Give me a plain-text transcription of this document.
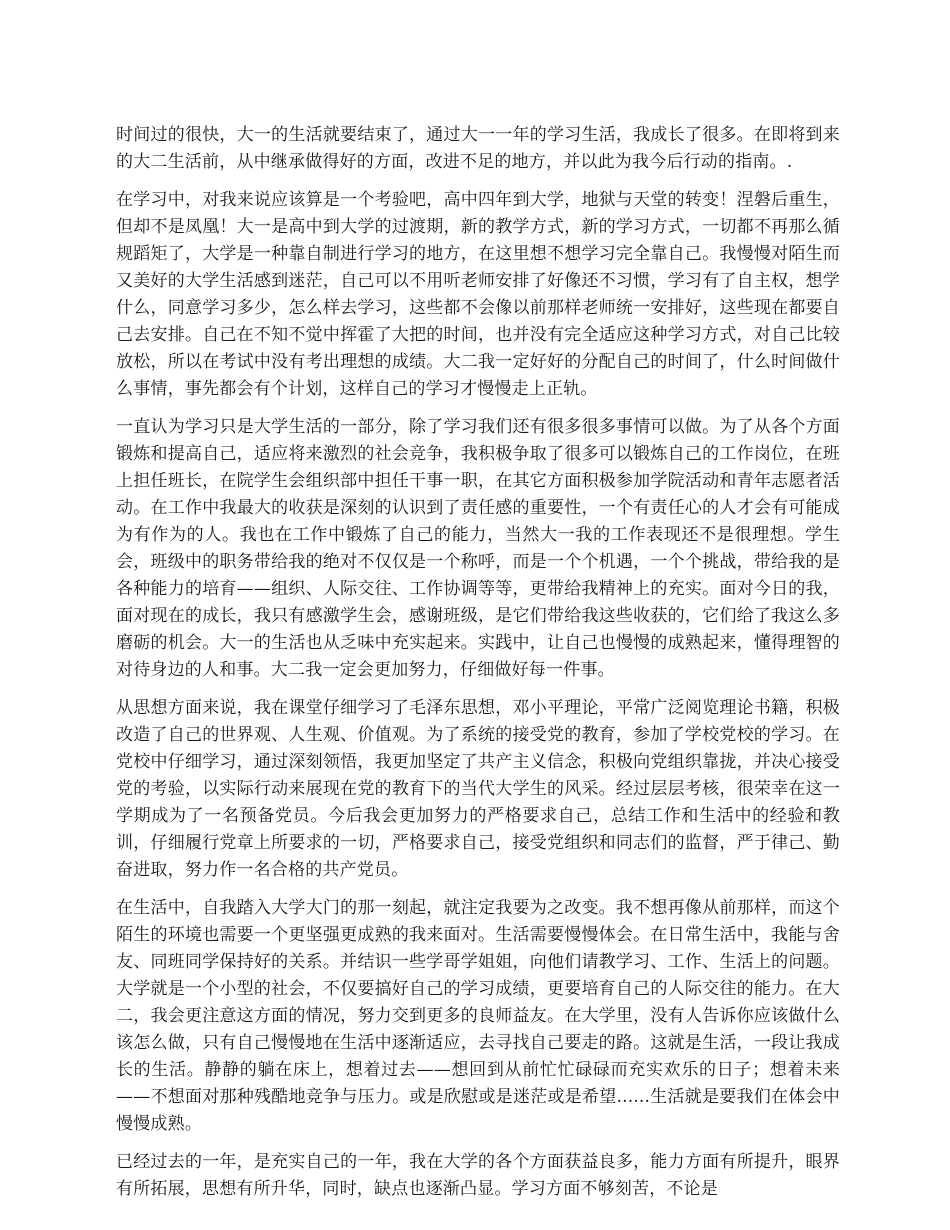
时间过的很快，大一的生活就要结束了，通过大一一年的学习生活，我成长了很多。在即将到来的大二生活前，从中继承做得好的方面，改进不足的地方，并以此为我今后行动的指南。.

在学习中，对我来说应该算是一个考验吧，高中四年到大学，地狱与天堂的转变！涅磐后重生，但却不是凤凰！大一是高中到大学的过渡期，新的教学方式，新的学习方式，一切都不再那么循规蹈矩了，大学是一种靠自制进行学习的地方，在这里想不想学习完全靠自己。我慢慢对陌生而又美好的大学生活感到迷茫，自己可以不用听老师安排了好像还不习惯，学习有了自主权，想学什么，同意学习多少，怎么样去学习，这些都不会像以前那样老师统一安排好，这些现在都要自己去安排。自己在不知不觉中挥霍了大把的时间，也并没有完全适应这种学习方式，对自己比较放松，所以在考试中没有考出理想的成绩。大二我一定好好的分配自己的时间了，什么时间做什么事情，事先都会有个计划，这样自己的学习才慢慢走上正轨。

一直认为学习只是大学生活的一部分，除了学习我们还有很多很多事情可以做。为了从各个方面锻炼和提高自己，适应将来激烈的社会竞争，我积极争取了很多可以锻炼自己的工作岗位，在班上担任班长，在院学生会组织部中担任干事一职，在其它方面积极参加学院活动和青年志愿者活动。在工作中我最大的收获是深刻的认识到了责任感的重要性，一个有责任心的人才会有可能成为有作为的人。我也在工作中锻炼了自己的能力，当然大一我的工作表现还不是很理想。学生会，班级中的职务带给我的绝对不仅仅是一个称呼，而是一个个机遇，一个个挑战，带给我的是各种能力的培育——组织、人际交往、工作协调等等，更带给我精神上的充实。面对今日的我，面对现在的成长，我只有感激学生会，感谢班级，是它们带给我这些收获的，它们给了我这么多磨砺的机会。大一的生活也从乏味中充实起来。实践中，让自己也慢慢的成熟起来，懂得理智的对待身边的人和事。大二我一定会更加努力，仔细做好每一件事。

从思想方面来说，我在课堂仔细学习了毛泽东思想，邓小平理论，平常广泛阅览理论书籍，积极改造了自己的世界观、人生观、价值观。为了系统的接受党的教育，参加了学校党校的学习。在党校中仔细学习，通过深刻领悟，我更加坚定了共产主义信念，积极向党组织靠拢，并决心接受党的考验，以实际行动来展现在党的教育下的当代大学生的风采。经过层层考核，很荣幸在这一学期成为了一名预备党员。今后我会更加努力的严格要求自己，总结工作和生活中的经验和教训，仔细履行党章上所要求的一切，严格要求自己，接受党组织和同志们的监督，严于律己、勤奋进取，努力作一名合格的共产党员。

在生活中，自我踏入大学大门的那一刻起，就注定我要为之改变。我不想再像从前那样，而这个陌生的环境也需要一个更坚强更成熟的我来面对。生活需要慢慢体会。在日常生活中，我能与舍友、同班同学保持好的关系。并结识一些学哥学姐姐，向他们请教学习、工作、生活上的问题。大学就是一个小型的社会，不仅要搞好自己的学习成绩，更要培育自己的人际交往的能力。在大二，我会更注意这方面的情况，努力交到更多的良师益友。在大学里，没有人告诉你应该做什么该怎么做，只有自己慢慢地在生活中逐渐适应，去寻找自己要走的路。这就是生活，一段让我成长的生活。静静的躺在床上，想着过去——想回到从前忙忙碌碌而充实欢乐的日子；想着未来——不想面对那种残酷地竞争与压力。或是欣慰或是迷茫或是希望......生活就是要我们在体会中慢慢成熟。

已经过去的一年，是充实自己的一年，我在大学的各个方面获益良多，能力方面有所提升，眼界有所拓展，思想有所升华，同时，缺点也逐渐凸显。学习方面不够刻苦，不论是
